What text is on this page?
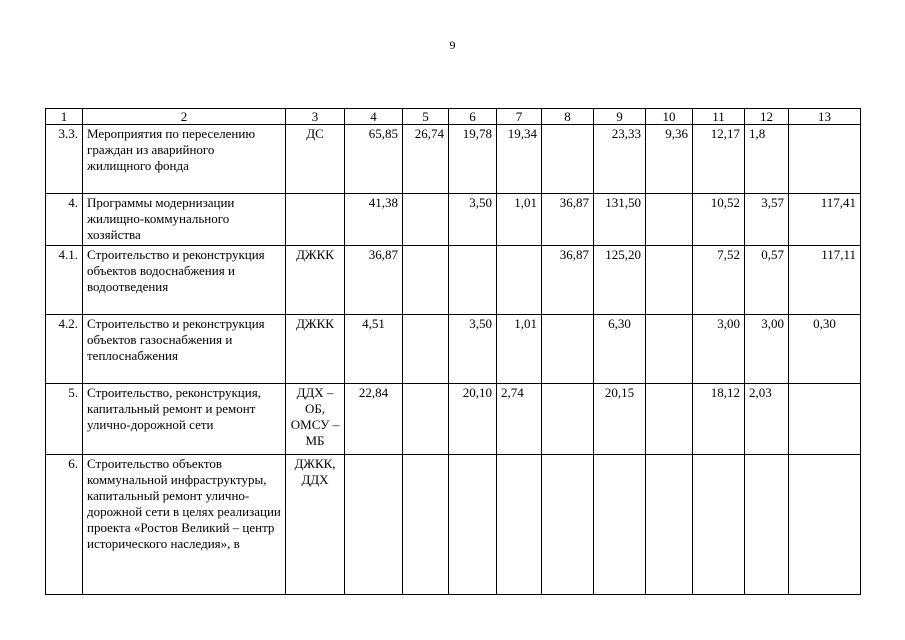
9
1	2	3	4	5	6	7	8	9	10	11	12	13
3.3.	Мероприятия по переселению граждан из аварийного жилищного фонда	ДС	65,85	26,74	19,78	19,34		23,33	9,36	12,17	1,8	
4.	Программы модернизации жилищно-коммунального хозяйства		41,38		3,50	1,01	36,87	131,50		10,52	3,57	117,41
4.1.	Строительство и реконструкция объектов водоснабжения и водоотведения	ДЖКК	36,87				36,87	125,20		7,52	0,57	117,11
4.2.	Строительство и реконструкция объектов газоснабжения и теплоснабжения	ДЖКК	4,51		3,50	1,01		6,30		3,00	3,00	0,30
5.	Строительство, реконструкция, капитальный ремонт и ремонт улично-дорожной сети	ДДХ – ОБ, ОМСУ – МБ	22,84		20,10	2,74		20,15		18,12	2,03	
6.	Строительство объектов коммунальной инфраструктуры, капитальный ремонт улично-дорожной сети в целях реализации проекта «Ростов Великий – центр исторического наследия», в	ДЖКК, ДДХ										
